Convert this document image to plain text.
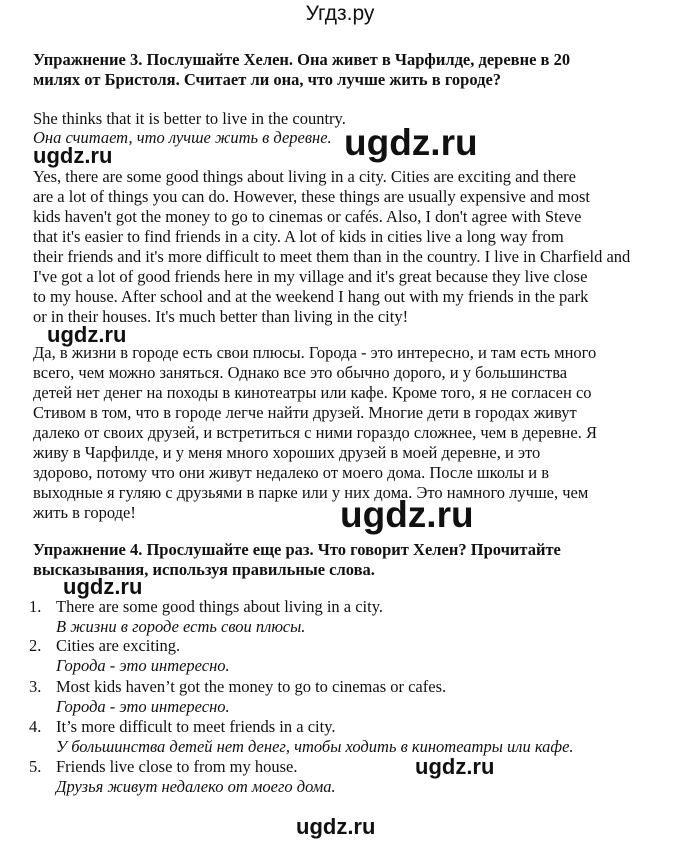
Угдз.ру
Упражнение 3. Послушайте Хелен. Она живет в Чарфилде, деревне в 20
милях от Бристоля. Считает ли она, что лучше жить в городе?
She thinks that it is better to live in the country.
Она считает, что лучше жить в деревне.
Yes, there are some good things about living in a city. Cities are exciting and there
are a lot of things you can do. However, these things are usually expensive and most
kids haven't got the money to go to cinemas or cafés. Also, I don't agree with Steve
that it's easier to find friends in a city. A lot of kids in cities live a long way from
their friends and it's more difficult to meet them than in the country. I live in Charfield and
I've got a lot of good friends here in my village and it's great because they live close
to my house. After school and at the weekend I hang out with my friends in the park
or in their houses. It's much better than living in the city!
Да, в жизни в городе есть свои плюсы. Города - это интересно, и там есть много
всего, чем можно заняться. Однако все это обычно дорого, и у большинства
детей нет денег на походы в кинотеатры или кафе. Кроме того, я не согласен со
Стивом в том, что в городе легче найти друзей. Многие дети в городах живут
далеко от своих друзей, и встретиться с ними гораздо сложнее, чем в деревне. Я
живу в Чарфилде, и у меня много хороших друзей в моей деревне, и это
здорово, потому что они живут недалеко от моего дома. После школы и в
выходные я гуляю с друзьями в парке или у них дома. Это намного лучше, чем
жить в городе!
Упражнение 4. Прослушайте еще раз. Что говорит Хелен? Прочитайте
высказывания, используя правильные слова.
1. There are some good things about living in a city.
В жизни в городе есть свои плюсы.
2. Cities are exciting.
Города - это интересно.
3. Most kids haven’t got the money to go to cinemas or cafes.
Города - это интересно.
4. It’s more difficult to meet friends in a city.
У большинства детей нет денег, чтобы ходить в кинотеатры или кафе.
5. Friends live close to from my house.
Друзья живут недалеко от моего дома.
ugdz.ru
ugdz.ru
ugdz.ru
ugdz.ru
ugdz.ru
ugdz.ru
ugdz.ru
